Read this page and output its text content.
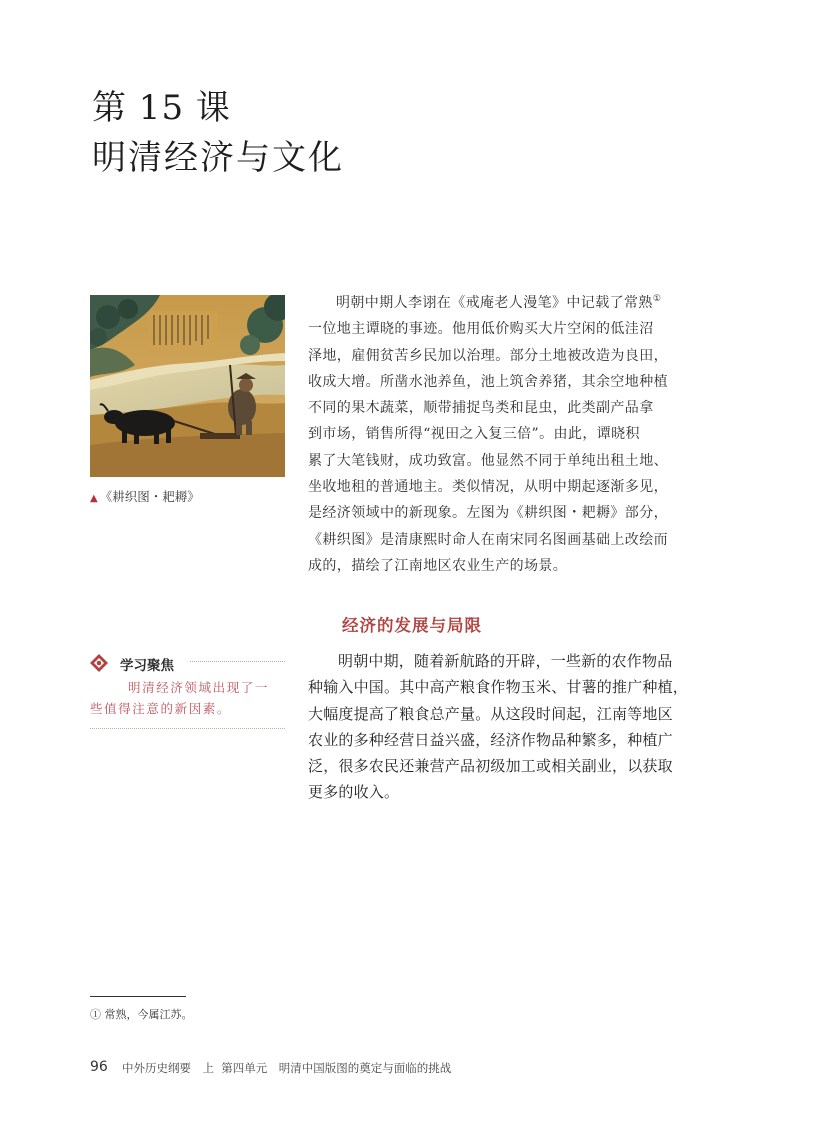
第 15 课
明清经济与文化
▲ 《耕织图・耙耨》
明朝中期人李诩在《戒庵老人漫笔》中记载了常熟①
一位地主谭晓的事迹。他用低价购买大片空闲的低洼沼
泽地，雇佣贫苦乡民加以治理。部分土地被改造为良田，
收成大增。所凿水池养鱼，池上筑舍养猪，其余空地种植
不同的果木蔬菜，顺带捕捉鸟类和昆虫，此类副产品拿
到市场，销售所得“视田之入复三倍”。由此，谭晓积
累了大笔钱财，成功致富。他显然不同于单纯出租土地、
坐收地租的普通地主。类似情况，从明中期起逐渐多见，
是经济领域中的新现象。左图为《耕织图・耙耨》部分，
《耕织图》是清康熙时命人在南宋同名图画基础上改绘而
成的，描绘了江南地区农业生产的场景。
经济的发展与局限
学习聚焦
明清经济领域出现了一
些值得注意的新因素。
明朝中期，随着新航路的开辟，一些新的农作物品
种输入中国。其中高产粮食作物玉米、甘薯的推广种植，
大幅度提高了粮食总产量。从这段时间起，江南等地区
农业的多种经营日益兴盛，经济作物品种繁多，种植广
泛，很多农民还兼营产品初级加工或相关副业，以获取
更多的收入。
① 常熟，今属江苏。
96 中外历史纲要　上  第四单元　明清中国版图的奠定与面临的挑战
